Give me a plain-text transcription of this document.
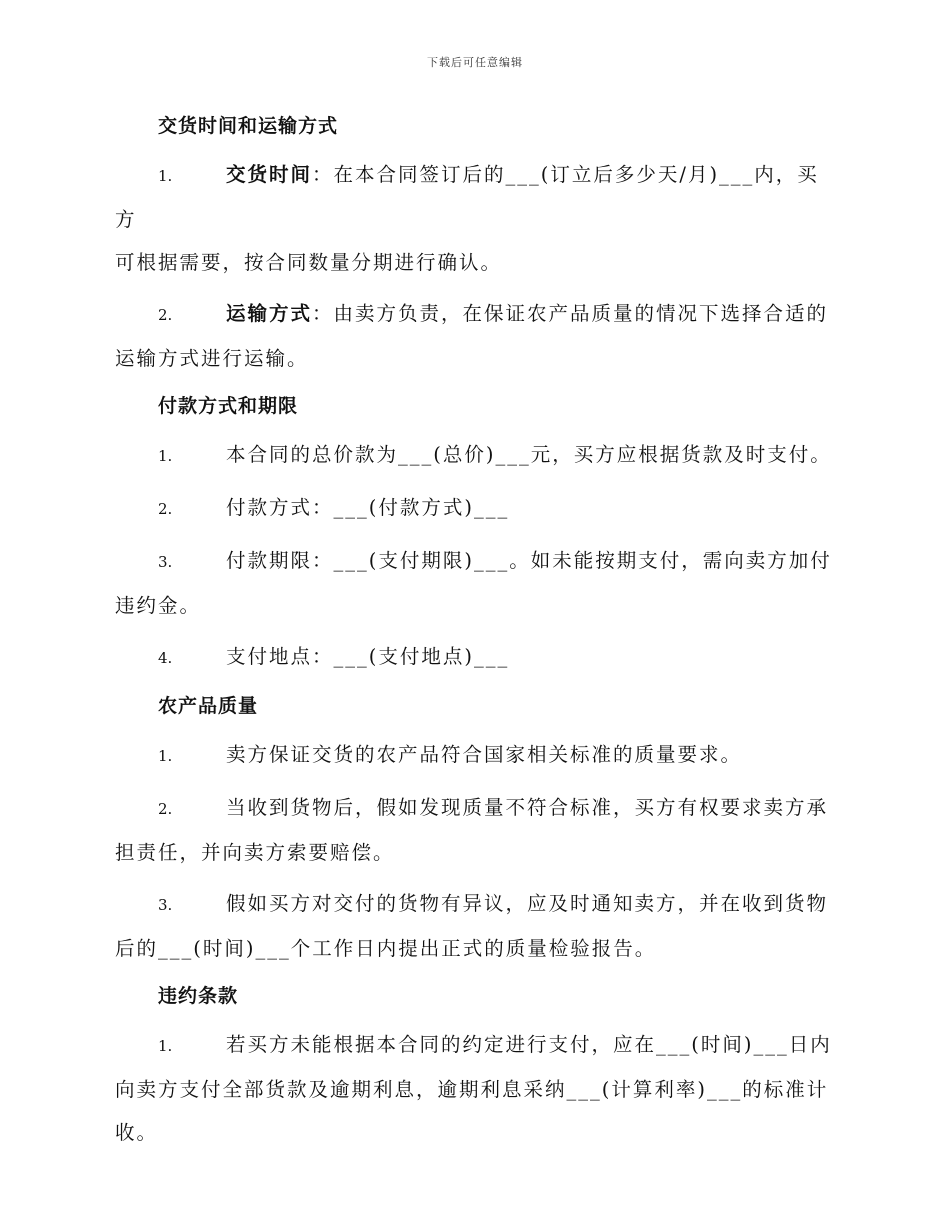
下载后可任意编辑
交货时间和运输方式

1.	交货时间：在本合同签订后的___(订立后多少天/月)___内，买方
可根据需要，按合同数量分期进行确认。

2.	运输方式：由卖方负责，在保证农产品质量的情况下选择合适的
运输方式进行运输。

付款方式和期限

1.	本合同的总价款为___(总价)___元，买方应根据货款及时支付。

2.	付款方式：___(付款方式)___

3.	付款期限：___(支付期限)___。如未能按期支付，需向卖方加付
违约金。

4.	支付地点：___(支付地点)___

农产品质量

1.	卖方保证交货的农产品符合国家相关标准的质量要求。

2.	当收到货物后，假如发现质量不符合标准，买方有权要求卖方承
担责任，并向卖方索要赔偿。

3.	假如买方对交付的货物有异议，应及时通知卖方，并在收到货物
后的___(时间)___个工作日内提出正式的质量检验报告。

违约条款

1.	若买方未能根据本合同的约定进行支付，应在___(时间)___日内
向卖方支付全部货款及逾期利息，逾期利息采纳___(计算利率)___的标准计
收。
